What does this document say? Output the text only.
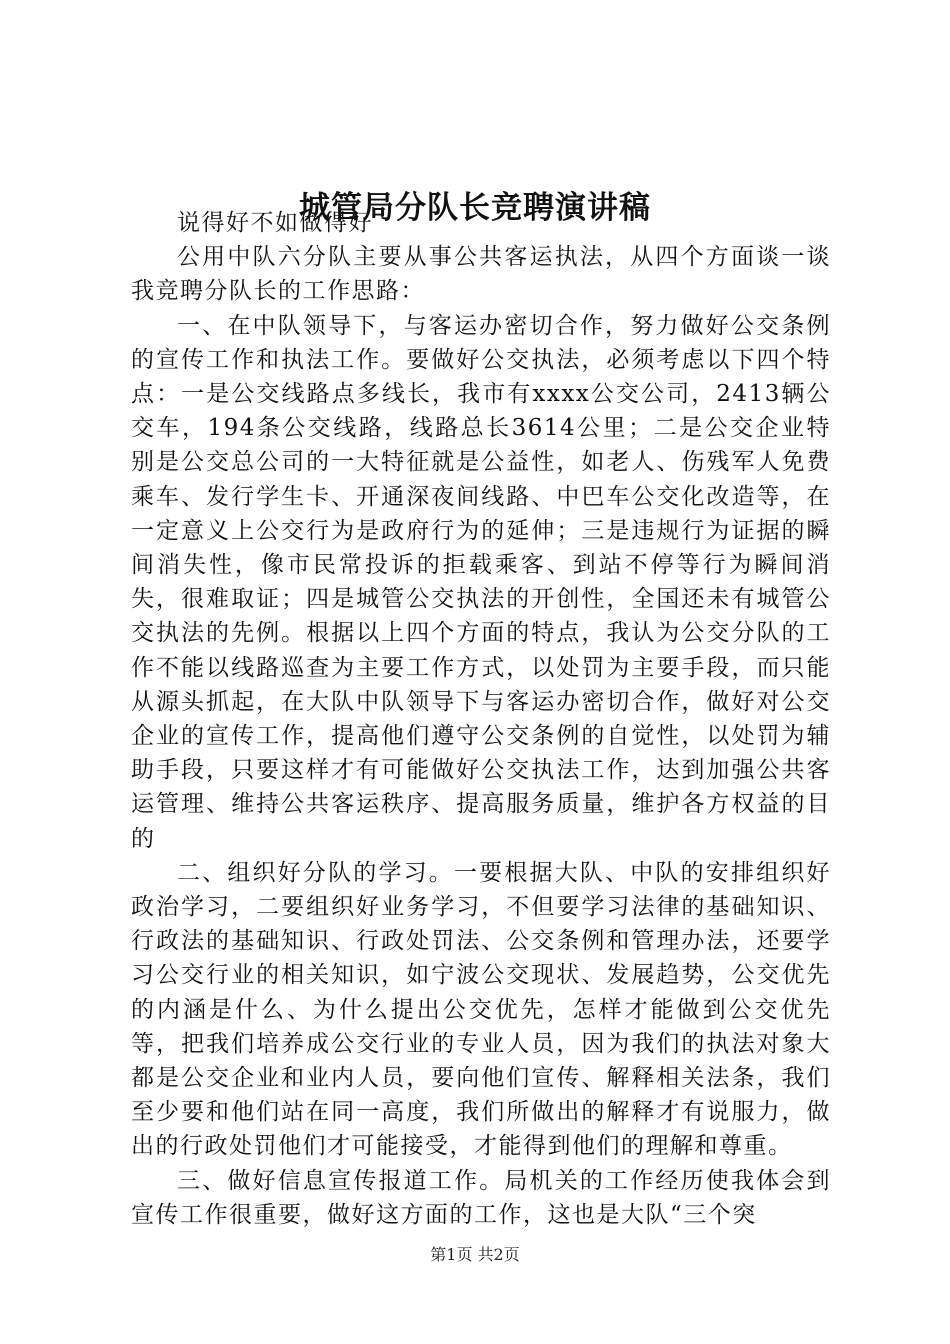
城管局分队长竞聘演讲稿

说得好不如做得好

公用中队六分队主要从事公共客运执法，从四个方面谈一谈我竞聘分队长的工作思路：

一、在中队领导下，与客运办密切合作，努力做好公交条例的宣传工作和执法工作。要做好公交执法，必须考虑以下四个特点：一是公交线路点多线长，我市有xxxx公交公司，2413辆公交车，194条公交线路，线路总长3614公里；二是公交企业特别是公交总公司的一大特征就是公益性，如老人、伤残军人免费乘车、发行学生卡、开通深夜间线路、中巴车公交化改造等，在一定意义上公交行为是政府行为的延伸；三是违规行为证据的瞬间消失性，像市民常投诉的拒载乘客、到站不停等行为瞬间消失，很难取证；四是城管公交执法的开创性，全国还未有城管公交执法的先例。根据以上四个方面的特点，我认为公交分队的工作不能以线路巡查为主要工作方式，以处罚为主要手段，而只能从源头抓起，在大队中队领导下与客运办密切合作，做好对公交企业的宣传工作，提高他们遵守公交条例的自觉性，以处罚为辅助手段，只要这样才有可能做好公交执法工作，达到加强公共客运管理、维持公共客运秩序、提高服务质量，维护各方权益的目的

二、组织好分队的学习。一要根据大队、中队的安排组织好政治学习，二要组织好业务学习，不但要学习法律的基础知识、行政法的基础知识、行政处罚法、公交条例和管理办法，还要学习公交行业的相关知识，如宁波公交现状、发展趋势，公交优先的内涵是什么、为什么提出公交优先，怎样才能做到公交优先等，把我们培养成公交行业的专业人员，因为我们的执法对象大都是公交企业和业内人员，要向他们宣传、解释相关法条，我们至少要和他们站在同一高度，我们所做出的解释才有说服力，做出的行政处罚他们才可能接受，才能得到他们的理解和尊重。

三、做好信息宣传报道工作。局机关的工作经历使我体会到宣传工作很重要，做好这方面的工作，这也是大队“三个突

第1页 共2页
